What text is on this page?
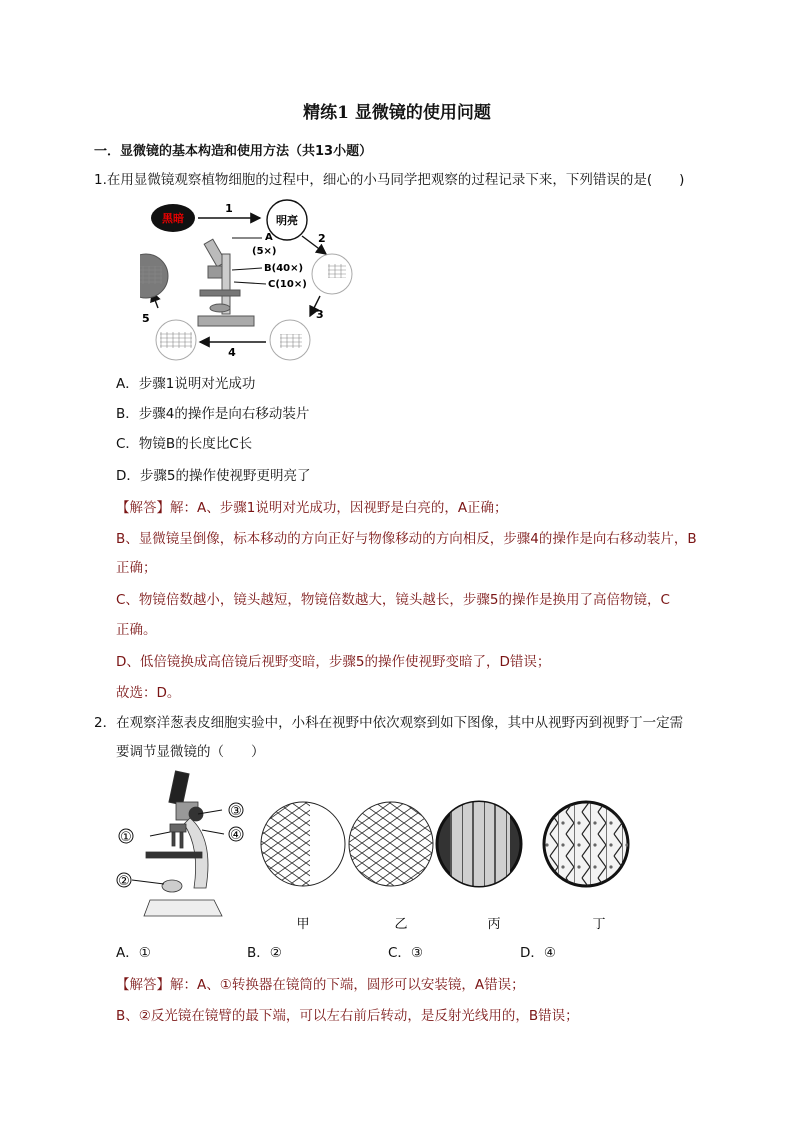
精练1 显微镜的使用问题
一．显微镜的基本构造和使用方法（共13小题）
1.在用显微镜观察植物细胞的过程中，细心的小马同学把观察的过程记录下来，下列错误的是(　　)
黑暗
1
明亮
2
3
4
5
A
(5×)
B(40×)
C(10×)
A．步骤1说明对光成功
B．步骤4的操作是向右移动装片
C．物镜B的长度比C长
D．步骤5的操作使视野更明亮了
【解答】解：A、步骤1说明对光成功，因视野是白亮的，A正确；
B、显微镜呈倒像，标本移动的方向正好与物像移动的方向相反，步骤4的操作是向右移动装片，B
正确；
C、物镜倍数越小，镜头越短，物镜倍数越大，镜头越长，步骤5的操作是换用了高倍物镜，C
正确。
D、低倍镜换成高倍镜后视野变暗，步骤5的操作使视野变暗了，D错误；
故选：D。
2．在观察洋葱表皮细胞实验中，小科在视野中依次观察到如下图像，其中从视野丙到视野丁一定需
要调节显微镜的（　　）
①
②
③
④
甲	乙	丙	丁
A．①	B．②	C．③	D．④
【解答】解：A、①转换器在镜筒的下端，圆形可以安装镜，A错误；
B、②反光镜在镜臂的最下端，可以左右前后转动，是反射光线用的，B错误；
